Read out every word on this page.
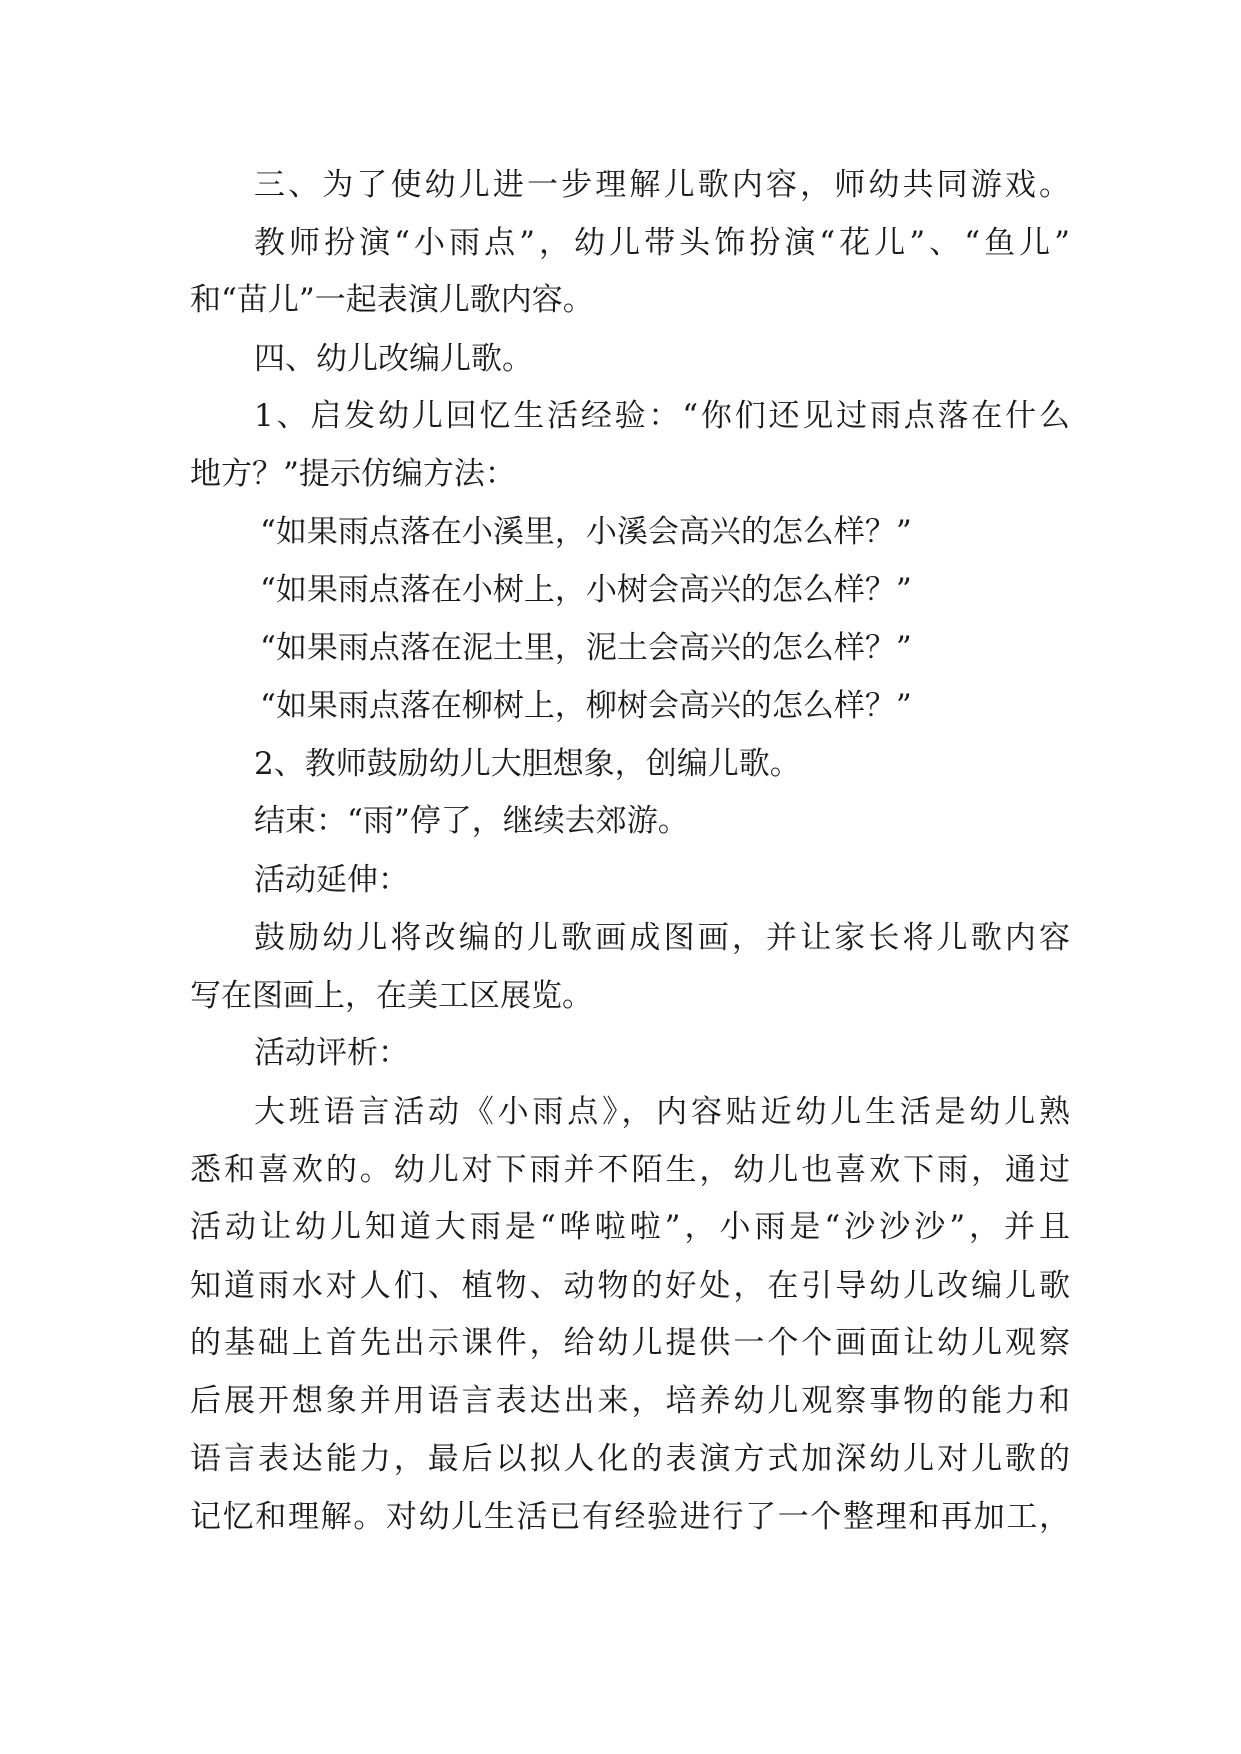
三、为了使幼儿进一步理解儿歌内容，师幼共同游戏。
教师扮演“小雨点”，幼儿带头饰扮演“花儿”、“鱼儿”
和“苗儿”一起表演儿歌内容。
四、幼儿改编儿歌。
1、启发幼儿回忆生活经验：“你们还见过雨点落在什么
地方？”提示仿编方法：
“如果雨点落在小溪里，小溪会高兴的怎么样？”
“如果雨点落在小树上，小树会高兴的怎么样？”
“如果雨点落在泥土里，泥土会高兴的怎么样？”
“如果雨点落在柳树上，柳树会高兴的怎么样？”
2、教师鼓励幼儿大胆想象，创编儿歌。
结束：“雨”停了，继续去郊游。
活动延伸：
鼓励幼儿将改编的儿歌画成图画，并让家长将儿歌内容
写在图画上，在美工区展览。
活动评析：
大班语言活动《小雨点》，内容贴近幼儿生活是幼儿熟
悉和喜欢的。幼儿对下雨并不陌生，幼儿也喜欢下雨，通过
活动让幼儿知道大雨是“哗啦啦”，小雨是“沙沙沙”，并且
知道雨水对人们、植物、动物的好处，在引导幼儿改编儿歌
的基础上首先出示课件，给幼儿提供一个个画面让幼儿观察
后展开想象并用语言表达出来，培养幼儿观察事物的能力和
语言表达能力，最后以拟人化的表演方式加深幼儿对儿歌的
记忆和理解。对幼儿生活已有经验进行了一个整理和再加工，
